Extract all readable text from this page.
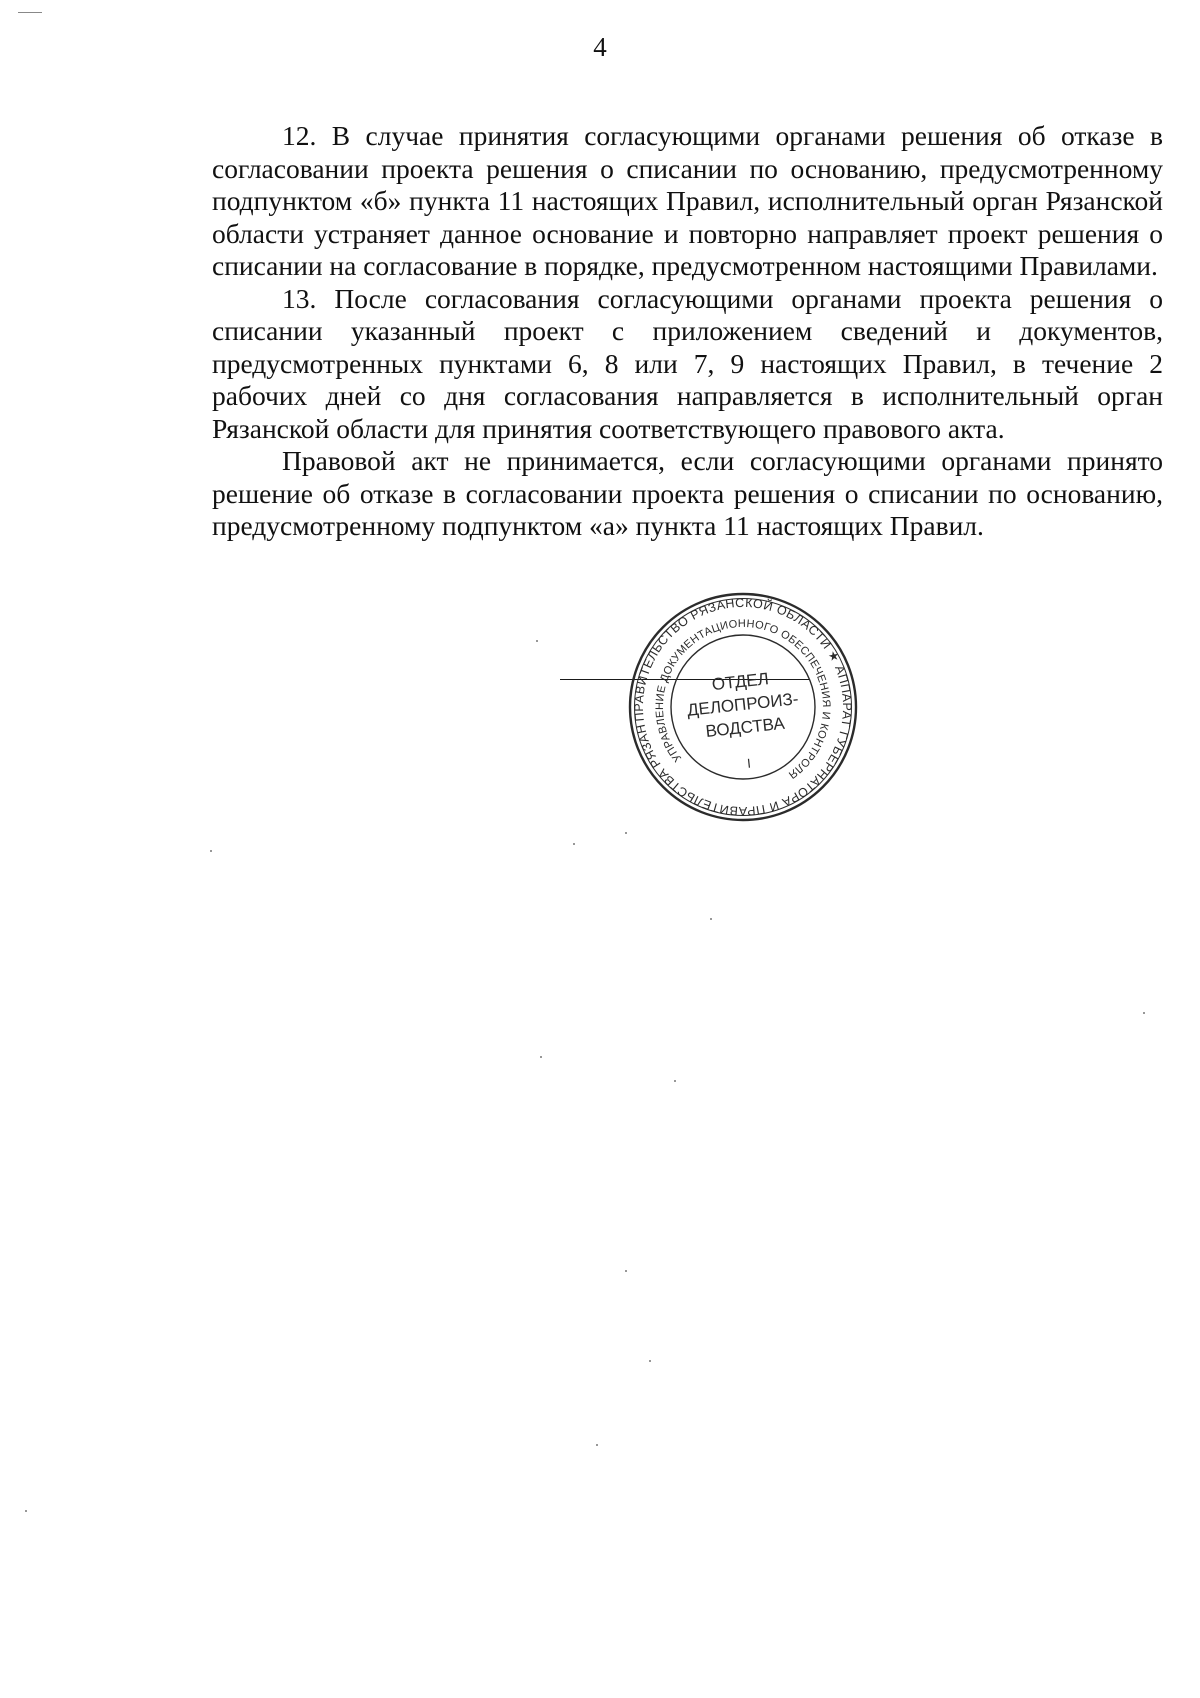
4

12. В случае принятия согласующими органами решения об отказе в согласовании проекта решения о списании по основанию, предусмотренному подпунктом «б» пункта 11 настоящих Правил, исполнительный орган Рязанской области устраняет данное основание и повторно направляет проект решения о списании на согласование в порядке, предусмотренном настоящими Правилами.

13. После согласования согласующими органами проекта решения о списании указанный проект с приложением сведений и документов, предусмотренных пунктами 6, 8 или 7, 9 настоящих Правил, в течение 2 рабочих дней со дня согласования направляется в исполнительный орган Рязанской области для принятия соответствующего правового акта.

Правовой акт не принимается, если согласующими органами принято решение об отказе в согласовании проекта решения о списании по основанию, предусмотренному подпунктом «а» пункта 11 настоящих Правил.

ПРАВИТЕЛЬСТВО РЯЗАНСКОЙ ОБЛАСТИ ★ АППАРАТ ГУБЕРНАТОРА И ПРАВИТЕЛЬСТВА РЯЗАНСКОЙ
УПРАВЛЕНИЕ ДОКУМЕНТАЦИОННОГО ОБЕСПЕЧЕНИЯ И КОНТРОЛЯ
ОТДЕЛ
ДЕЛОПРОИЗ-
ВОДСТВА
I
